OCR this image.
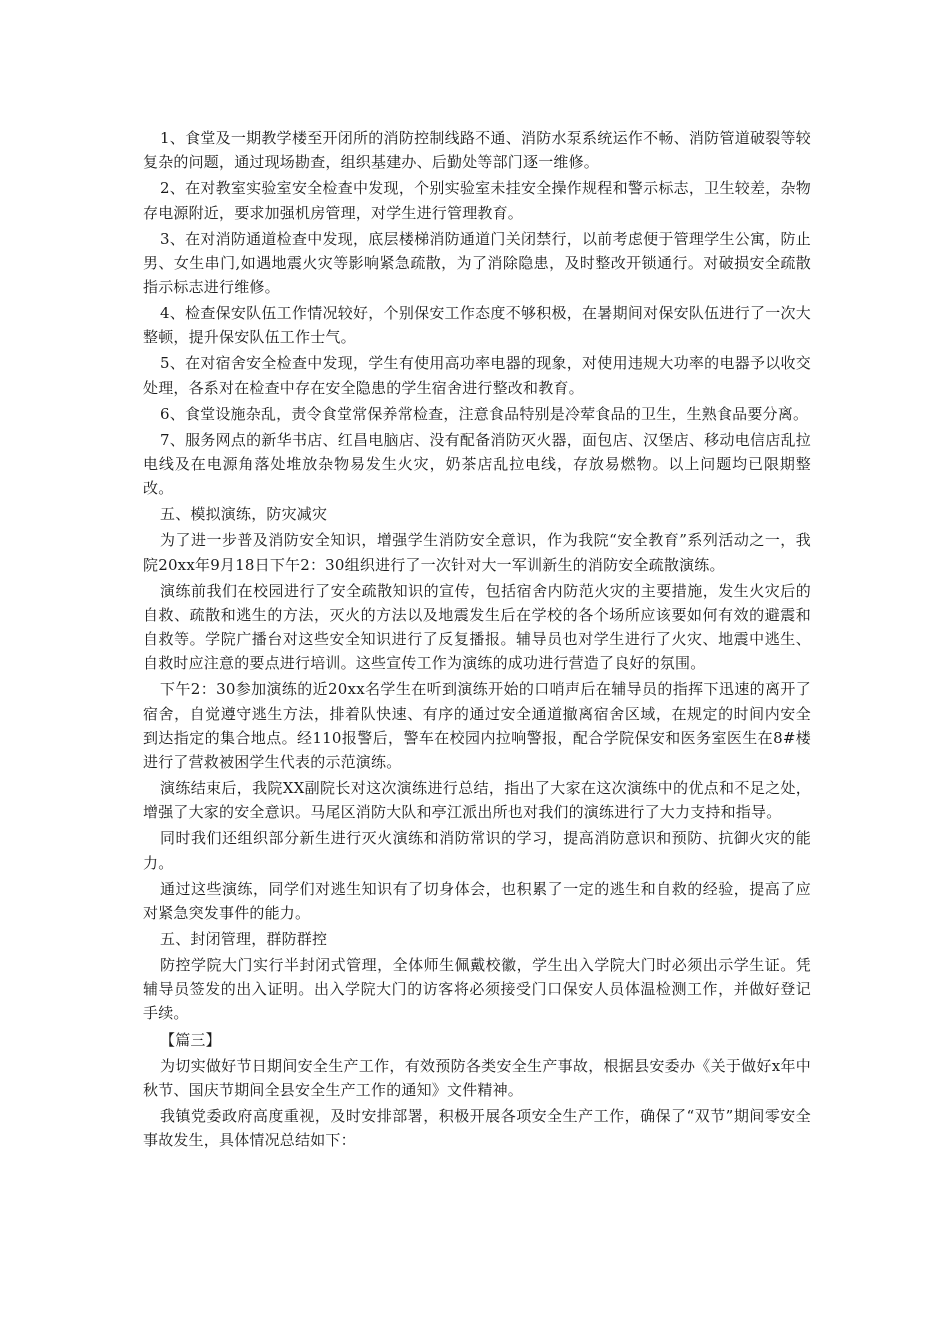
1、食堂及一期教学楼至开闭所的消防控制线路不通、消防水泵系统运作不畅、消防管道破裂等较复杂的问题，通过现场勘查，组织基建办、后勤处等部门逐一维修。

2、在对教室实验室安全检查中发现，个别实验室未挂安全操作规程和警示标志，卫生较差，杂物存电源附近，要求加强机房管理，对学生进行管理教育。

3、在对消防通道检查中发现，底层楼梯消防通道门关闭禁行，以前考虑便于管理学生公寓，防止男、女生串门,如遇地震火灾等影响紧急疏散，为了消除隐患，及时整改开锁通行。对破损安全疏散指示标志进行维修。

4、检查保安队伍工作情况较好，个别保安工作态度不够积极，在暑期间对保安队伍进行了一次大整顿，提升保安队伍工作士气。

5、在对宿舍安全检查中发现，学生有使用高功率电器的现象，对使用违规大功率的电器予以收交处理，各系对在检查中存在安全隐患的学生宿舍进行整改和教育。

6、食堂设施杂乱，责令食堂常保养常检查，注意食品特别是冷荤食品的卫生，生熟食品要分离。

7、服务网点的新华书店、红昌电脑店、没有配备消防灭火器，面包店、汉堡店、移动电信店乱拉电线及在电源角落处堆放杂物易发生火灾，奶茶店乱拉电线，存放易燃物。以上问题均已限期整改。

五、模拟演练，防灾减灾

为了进一步普及消防安全知识，增强学生消防安全意识，作为我院“安全教育”系列活动之一，我院20xx年9月18日下午2：30组织进行了一次针对大一军训新生的消防安全疏散演练。

演练前我们在校园进行了安全疏散知识的宣传，包括宿舍内防范火灾的主要措施，发生火灾后的自救、疏散和逃生的方法，灭火的方法以及地震发生后在学校的各个场所应该要如何有效的避震和自救等。学院广播台对这些安全知识进行了反复播报。辅导员也对学生进行了火灾、地震中逃生、自救时应注意的要点进行培训。这些宣传工作为演练的成功进行营造了良好的氛围。

下午2：30参加演练的近20xx名学生在听到演练开始的口哨声后在辅导员的指挥下迅速的离开了宿舍，自觉遵守逃生方法，排着队快速、有序的通过安全通道撤离宿舍区域，在规定的时间内安全到达指定的集合地点。经110报警后，警车在校园内拉响警报，配合学院保安和医务室医生在8#楼进行了营救被困学生代表的示范演练。

演练结束后，我院XX副院长对这次演练进行总结，指出了大家在这次演练中的优点和不足之处，增强了大家的安全意识。马尾区消防大队和亭江派出所也对我们的演练进行了大力支持和指导。

同时我们还组织部分新生进行灭火演练和消防常识的学习，提高消防意识和预防、抗御火灾的能力。

通过这些演练，同学们对逃生知识有了切身体会，也积累了一定的逃生和自救的经验，提高了应对紧急突发事件的能力。

五、封闭管理，群防群控

防控学院大门实行半封闭式管理，全体师生佩戴校徽，学生出入学院大门时必须出示学生证。凭辅导员签发的出入证明。出入学院大门的访客将必须接受门口保安人员体温检测工作，并做好登记手续。

【篇三】

为切实做好节日期间安全生产工作，有效预防各类安全生产事故，根据县安委办《关于做好x年中秋节、国庆节期间全县安全生产工作的通知》文件精神。

我镇党委政府高度重视，及时安排部署，积极开展各项安全生产工作，确保了“双节”期间零安全事故发生，具体情况总结如下：
